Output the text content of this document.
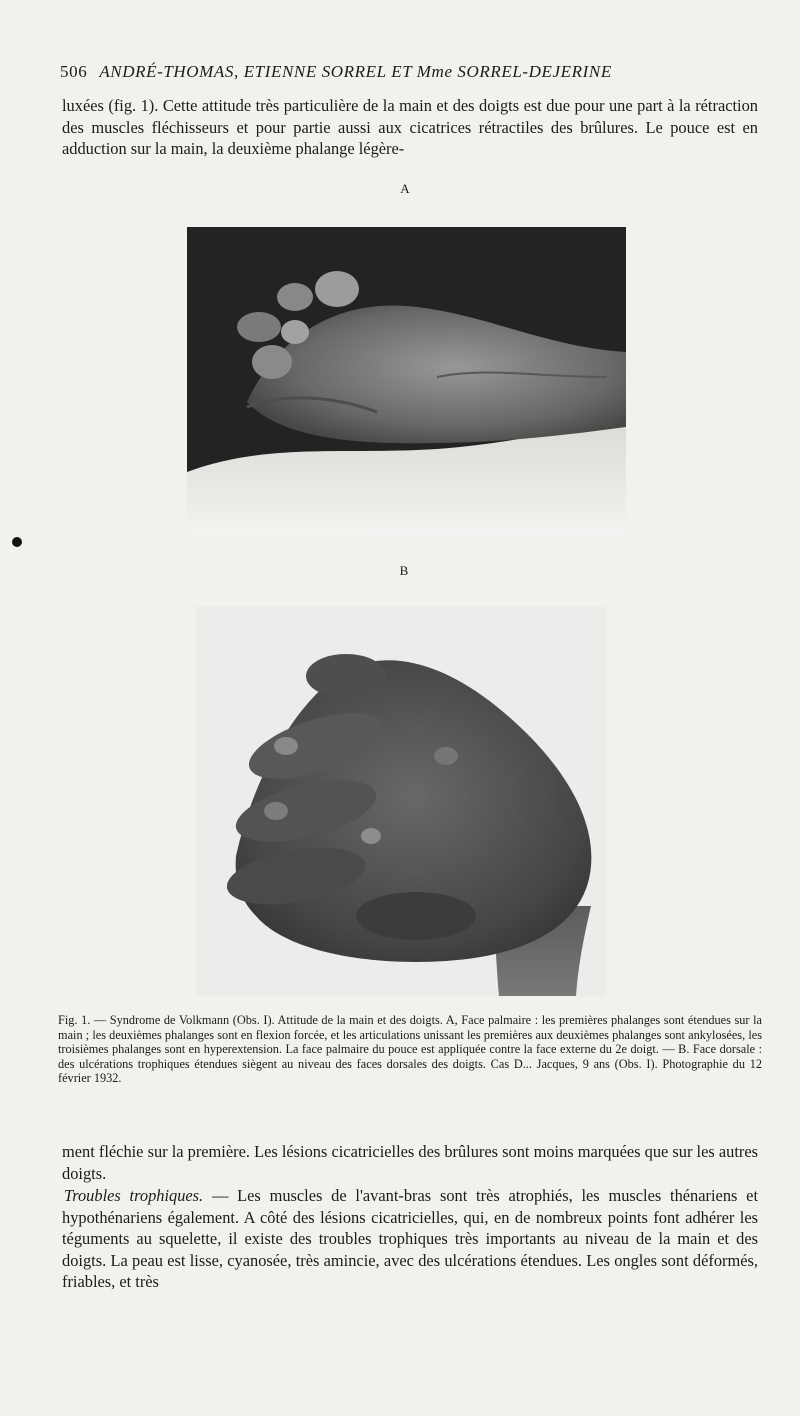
506 ANDRÉ-THOMAS, ETIENNE SORREL ET Mme SORREL-DEJERINE

luxées (fig. 1). Cette attitude très particulière de la main et des doigts est due pour une part à la rétraction des muscles fléchisseurs et pour partie aussi aux cicatrices rétractiles des brûlures. Le pouce est en adduction sur la main, la deuxième phalange légère-

A
B

Fig. 1. — Syndrome de Volkmann (Obs. I). Attitude de la main et des doigts. A, Face palmaire : les premières phalanges sont étendues sur la main ; les deuxièmes phalanges sont en flexion forcée, et les articulations unissant les premières aux deuxièmes phalanges sont ankylosées, les troisièmes phalanges sont en hyperextension. La face palmaire du pouce est appliquée contre la face externe du 2e doigt. — B. Face dorsale : des ulcérations trophiques étendues siègent au niveau des faces dorsales des doigts. Cas D... Jacques, 9 ans (Obs. I). Photographie du 12 février 1932.

ment fléchie sur la première. Les lésions cicatricielles des brûlures sont moins marquées que sur les autres doigts.

Troubles trophiques. — Les muscles de l'avant-bras sont très atrophiés, les muscles thénariens et hypothénariens également. A côté des lésions cicatricielles, qui, en de nombreux points font adhérer les téguments au squelette, il existe des troubles trophiques très importants au niveau de la main et des doigts. La peau est lisse, cyanosée, très amincie, avec des ulcérations étendues. Les ongles sont déformés, friables, et très
